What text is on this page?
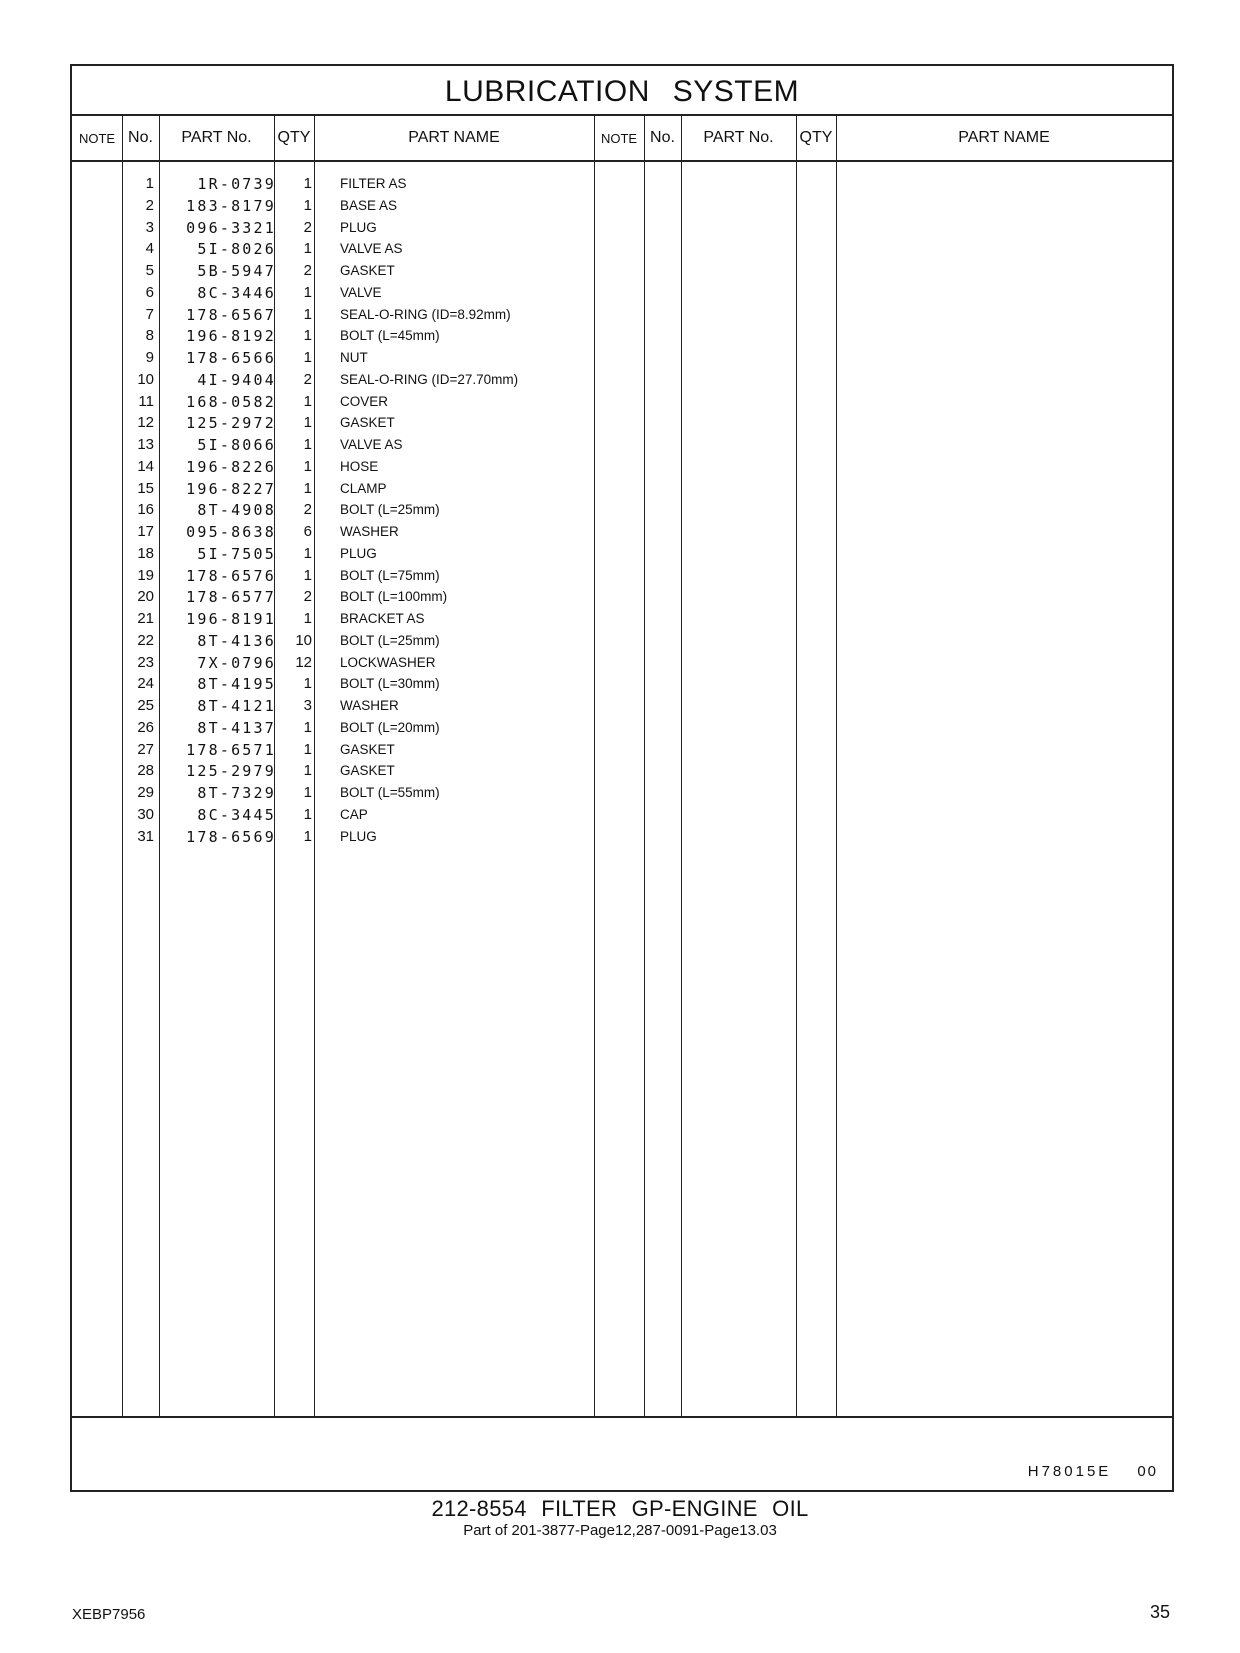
LUBRICATION SYSTEM
NOTE No.	PART No.	QTY	PART NAME	NOTE No.	PART No.	QTY	PART NAME
1	1R-0739	1 FILTER AS
2	183-8179	1 BASE AS
3	096-3321	2 PLUG
4	5I-8026	1 VALVE AS
5	5B-5947	2 GASKET
6	8C-3446	1 VALVE
7	178-6567	1 SEAL-O-RING (ID=8.92mm)
8	196-8192	1 BOLT (L=45mm)
9	178-6566	1 NUT
10	4I-9404	2 SEAL-O-RING (ID=27.70mm)
11	168-0582	1 COVER
12	125-2972	1 GASKET
13	5I-8066	1 VALVE AS
14	196-8226	1 HOSE
15	196-8227	1 CLAMP
16	8T-4908	2 BOLT (L=25mm)
17	095-8638	6 WASHER
18	5I-7505	1 PLUG
19	178-6576	1 BOLT (L=75mm)
20	178-6577	2 BOLT (L=100mm)
21	196-8191	1 BRACKET AS
22	8T-4136	10 BOLT (L=25mm)
23	7X-0796	12 LOCKWASHER
24	8T-4195	1 BOLT (L=30mm)
25	8T-4121	3 WASHER
26	8T-4137	1 BOLT (L=20mm)
27	178-6571	1 GASKET
28	125-2979	1 GASKET
29	8T-7329	1 BOLT (L=55mm)
30	8C-3445	1 CAP
31	178-6569	1 PLUG
H78015E 00
212-8554 FILTER GP-ENGINE OIL
Part of 201-3877-Page12,287-0091-Page13.03
XEBP7956	35
